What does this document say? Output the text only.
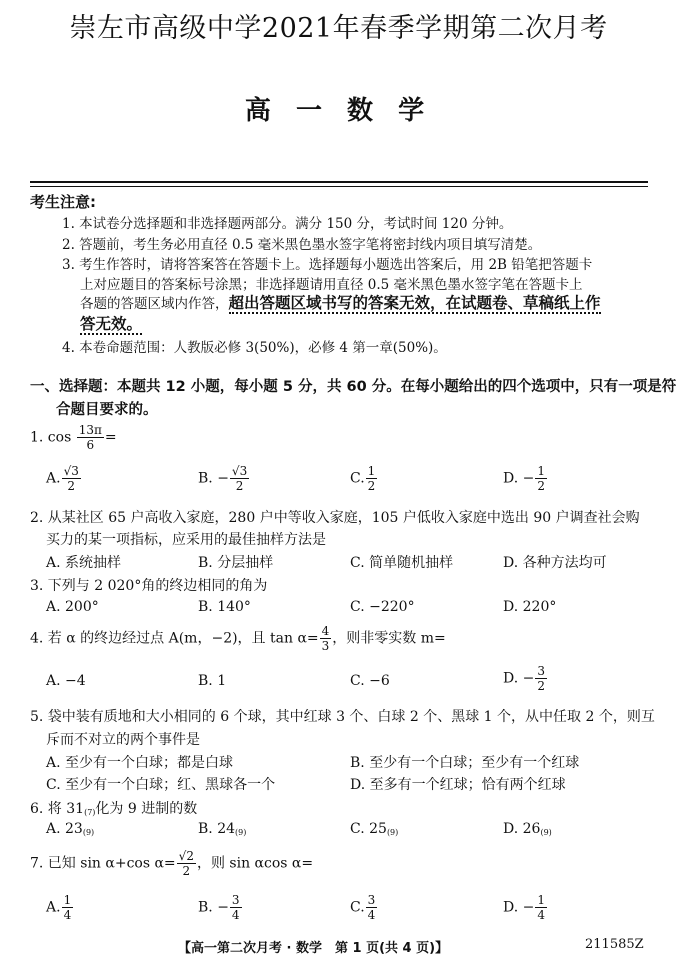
崇左市高级中学2021年春季学期第二次月考
高 一 数 学
考生注意:
1. 本试卷分选择题和非选择题两部分。满分 150 分，考试时间 120 分钟。
2. 答题前，考生务必用直径 0.5 毫米黑色墨水签字笔将密封线内项目填写清楚。
3. 考生作答时，请将答案答在答题卡上。选择题每小题选出答案后，用 2B 铅笔把答题卡
上对应题目的答案标号涂黑；非选择题请用直径 0.5 毫米黑色墨水签字笔在答题卡上
各题的答题区域内作答，超出答题区域书写的答案无效，在试题卷、草稿纸上作
答无效。
4. 本卷命题范围：人教版必修 3(50%)，必修 4 第一章(50%)。
一、选择题：本题共 12 小题，每小题 5 分，共 60 分。在每小题给出的四个选项中，只有一项是符
合题目要求的。
1. $\cos \frac{13\pi}{6}$ =
A. $\frac{√3}{2}$	B. − $\frac{√3}{2}$	C. $\frac{1}{2}$	D. − $\frac{1}{2}$
2. 从某社区 65 户高收入家庭，280 户中等收入家庭，105 户低收入家庭中选出 90 户调查社会购
买力的某一项指标，应采用的最佳抽样方法是
A. 系统抽样	B. 分层抽样	C. 简单随机抽样	D. 各种方法均可
3. 下列与 2 020°角的终边相同的角为
A. 200°	B. 140°	C. −220°	D. 220°
4. 若 α 的终边经过点 A(m，−2)，且 $\tan \alpha= \frac{4}{3}$ ，则非零实数 m=
A. −4	B. 1	C. −6	D. − $\frac{3}{2}$
5. 袋中装有质地和大小相同的 6 个球，其中红球 3 个、白球 2 个、黑球 1 个，从中任取 2 个，则互
斥而不对立的两个事件是
A. 至少有一个白球；都是白球	B. 至少有一个白球；至少有一个红球
C. 至少有一个白球；红、黑球各一个	D. 至多有一个红球；恰有两个红球
6. 将 $31_{(7)}$化为 9 进制的数
A. $23_{(9)}$	B. $24_{(9)}$	C. $25_{(9)}$	D. $26_{(9)}$
7. 已知 sin α+cos $\alpha= \frac{√2}{2}$ ，则 sin αcos α=
A. $\frac{1}{4}$	B. − $\frac{3}{4}$	C. $\frac{3}{4}$	D. − $\frac{1}{4}$
【高一第二次月考 · 数学　第 1 页(共 4 页)】	211585Z
